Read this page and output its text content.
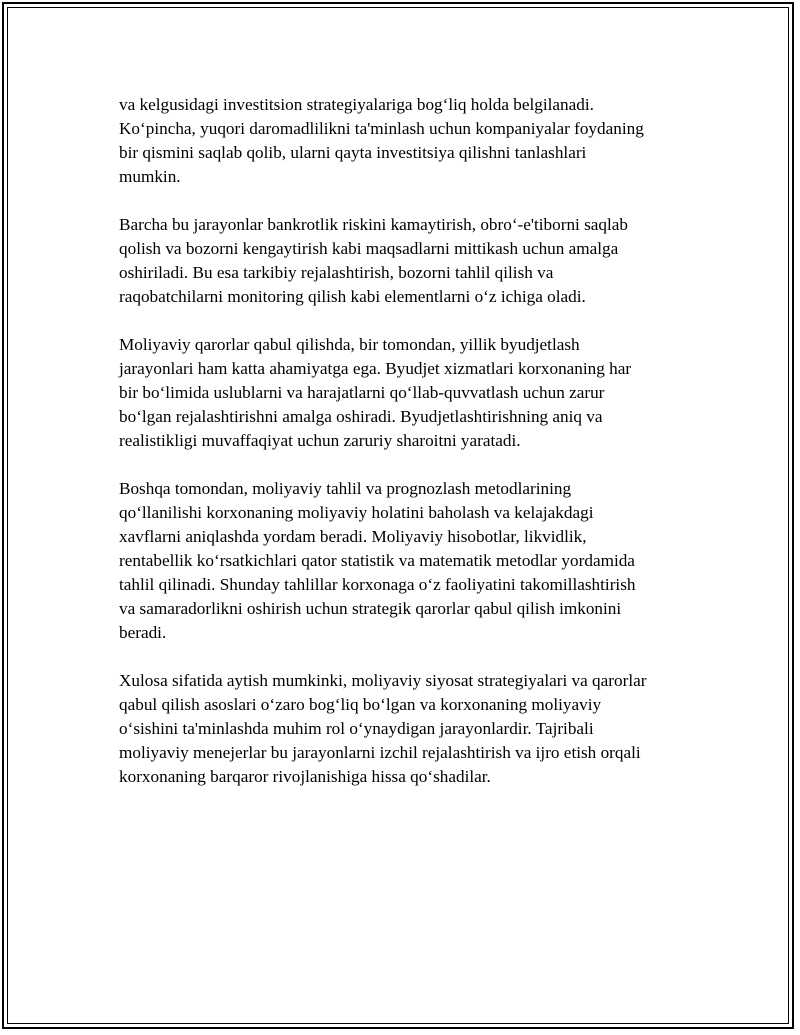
va kelgusidagi investitsion strategiyalariga bogʻliq holda belgilanadi.
Koʻpincha, yuqori daromadlilikni ta'minlash uchun kompaniyalar foydaning
bir qismini saqlab qolib, ularni qayta investitsiya qilishni tanlashlari
mumkin.

Barcha bu jarayonlar bankrotlik riskini kamaytirish, obroʻ-e'tiborni saqlab
qolish va bozorni kengaytirish kabi maqsadlarni mittikash uchun amalga
oshiriladi. Bu esa tarkibiy rejalashtirish, bozorni tahlil qilish va
raqobatchilarni monitoring qilish kabi elementlarni oʻz ichiga oladi.

Moliyaviy qarorlar qabul qilishda, bir tomondan, yillik byudjetlash
jarayonlari ham katta ahamiyatga ega. Byudjet xizmatlari korxonaning har
bir boʻlimida uslublarni va harajatlarni qoʻllab-quvvatlash uchun zarur
boʻlgan rejalashtirishni amalga oshiradi. Byudjetlashtirishning aniq va
realistikligi muvaffaqiyat uchun zaruriy sharoitni yaratadi.

Boshqa tomondan, moliyaviy tahlil va prognozlash metodlarining
qoʻllanilishi korxonaning moliyaviy holatini baholash va kelajakdagi
xavflarni aniqlashda yordam beradi. Moliyaviy hisobotlar, likvidlik,
rentabellik koʻrsatkichlari qator statistik va matematik metodlar yordamida
tahlil qilinadi. Shunday tahlillar korxonaga oʻz faoliyatini takomillashtirish
va samaradorlikni oshirish uchun strategik qarorlar qabul qilish imkonini
beradi.

Xulosa sifatida aytish mumkinki, moliyaviy siyosat strategiyalari va qarorlar
qabul qilish asoslari oʻzaro bogʻliq boʻlgan va korxonaning moliyaviy
oʻsishini ta'minlashda muhim rol oʻynaydigan jarayonlardir. Tajribali
moliyaviy menejerlar bu jarayonlarni izchil rejalashtirish va ijro etish orqali
korxonaning barqaror rivojlanishiga hissa qoʻshadilar.
